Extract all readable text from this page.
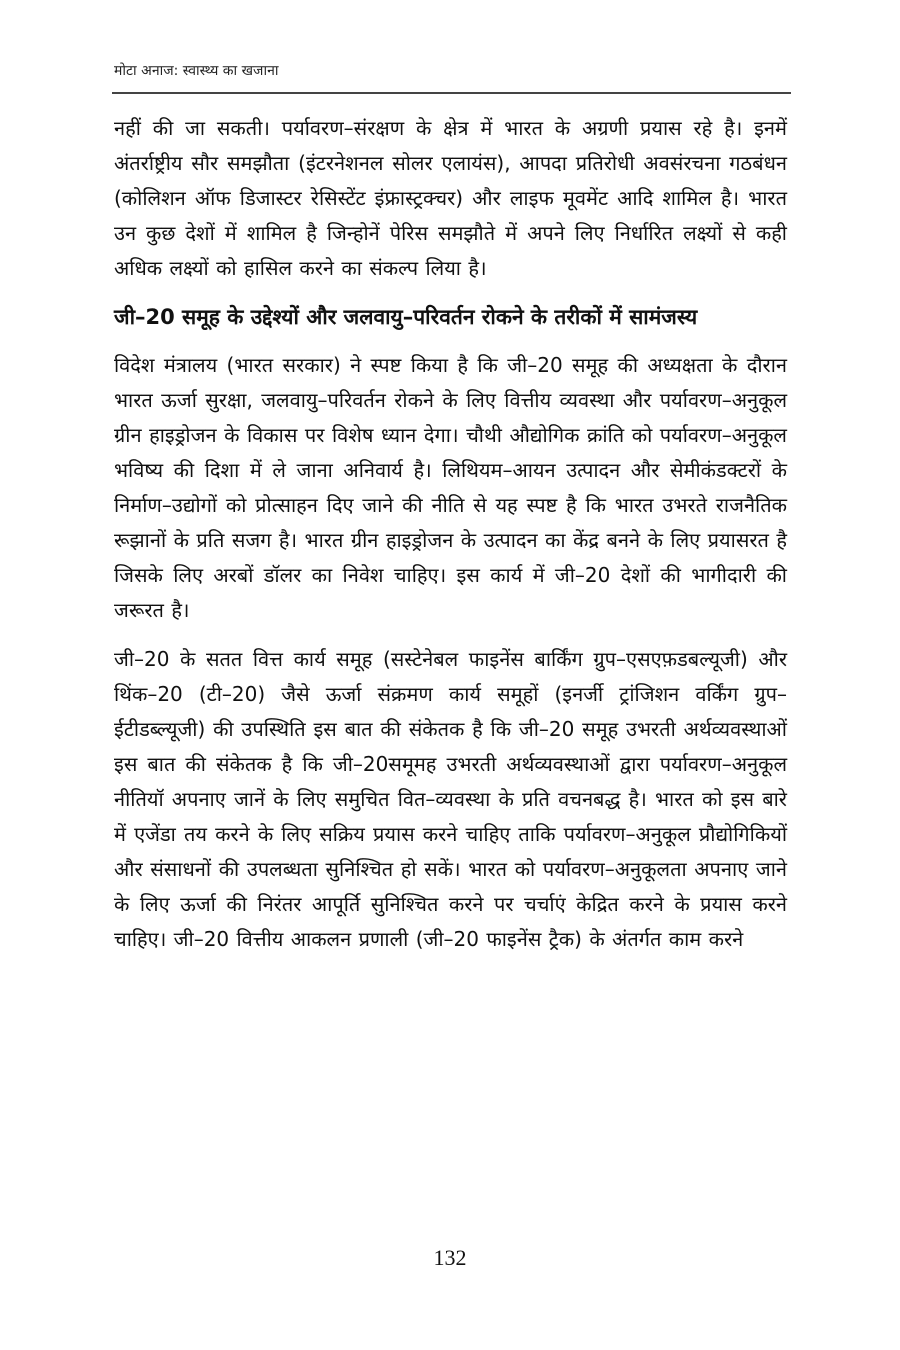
मोटा अनाज: स्वास्थ्य का खजाना

नहीं की जा सकती। पर्यावरण–संरक्षण के क्षेत्र में भारत के अग्रणी प्रयास रहे है। इनमें अंतर्राष्ट्रीय सौर समझौता (इंटरनेशनल सोलर एलायंस), आपदा प्रतिरोधी अवसंरचना गठबंधन (कोलिशन ऑफ डिजास्टर रेसिस्टेंट इंफ्रास्ट्रक्चर) और लाइफ मूवमेंट आदि शामिल है। भारत उन कुछ देशों में शामिल है जिन्होनें पेरिस समझौते में अपने लिए निर्धारित लक्ष्यों से कही अधिक लक्ष्यों को हासिल करने का संकल्प लिया है।

जी–20 समूह के उद्देश्यों और जलवायु–परिवर्तन रोकने के तरीकों में सामंजस्य

विदेश मंत्रालय (भारत सरकार) ने स्पष्ट किया है कि जी–20 समूह की अध्यक्षता के दौरान भारत ऊर्जा सुरक्षा, जलवायु–परिवर्तन रोकने के लिए वित्तीय व्यवस्था और पर्यावरण–अनुकूल ग्रीन हाइड्रोजन के विकास पर विशेष ध्यान देगा। चौथी औद्योगिक क्रांति को पर्यावरण–अनुकूल भविष्य की दिशा में ले जाना अनिवार्य है। लिथियम–आयन उत्पादन और सेमीकंडक्टरों के निर्माण–उद्योगों को प्रोत्साहन दिए जाने की नीति से यह स्पष्ट है कि भारत उभरते राजनैतिक रूझानों के प्रति सजग है। भारत ग्रीन हाइड्रोजन के उत्पादन का केंद्र बनने के लिए प्रयासरत है जिसके लिए अरबों डॉलर का निवेश चाहिए। इस कार्य में जी–20 देशों की भागीदारी की जरूरत है।

जी–20 के सतत वित्त कार्य समूह (सस्टेनेबल फाइनेंस बार्किंग ग्रुप–एसएफ़डबल्यूजी) और थिंक–20 (टी–20) जैसे ऊर्जा संक्रमण कार्य समूहों (इनर्जी ट्रांजिशन वर्किंग ग्रुप–ईटीडब्ल्यूजी) की उपस्थिति इस बात की संकेतक है कि जी–20 समूह उभरती अर्थव्यवस्थाओं इस बात की संकेतक है कि जी–20समूमह उभरती अर्थव्यवस्थाओं द्वारा पर्यावरण–अनुकूल नीतियॉ अपनाए जानें के लिए समुचित वित–व्यवस्था के प्रति वचनबद्ध है। भारत को इस बारे में एजेंडा तय करने के लिए सक्रिय प्रयास करने चाहिए ताकि पर्यावरण–अनुकूल प्रौद्योगिकियों और संसाधनों की उपलब्धता सुनिश्चित हो सकें। भारत को पर्यावरण–अनुकूलता अपनाए जाने के लिए ऊर्जा की निरंतर आपूर्ति सुनिश्चित करने पर चर्चाएं केद्रित करने के प्रयास करने चाहिए। जी–20 वित्तीय आकलन प्रणाली (जी–20 फाइनेंस ट्रैक) के अंतर्गत काम करने

132
